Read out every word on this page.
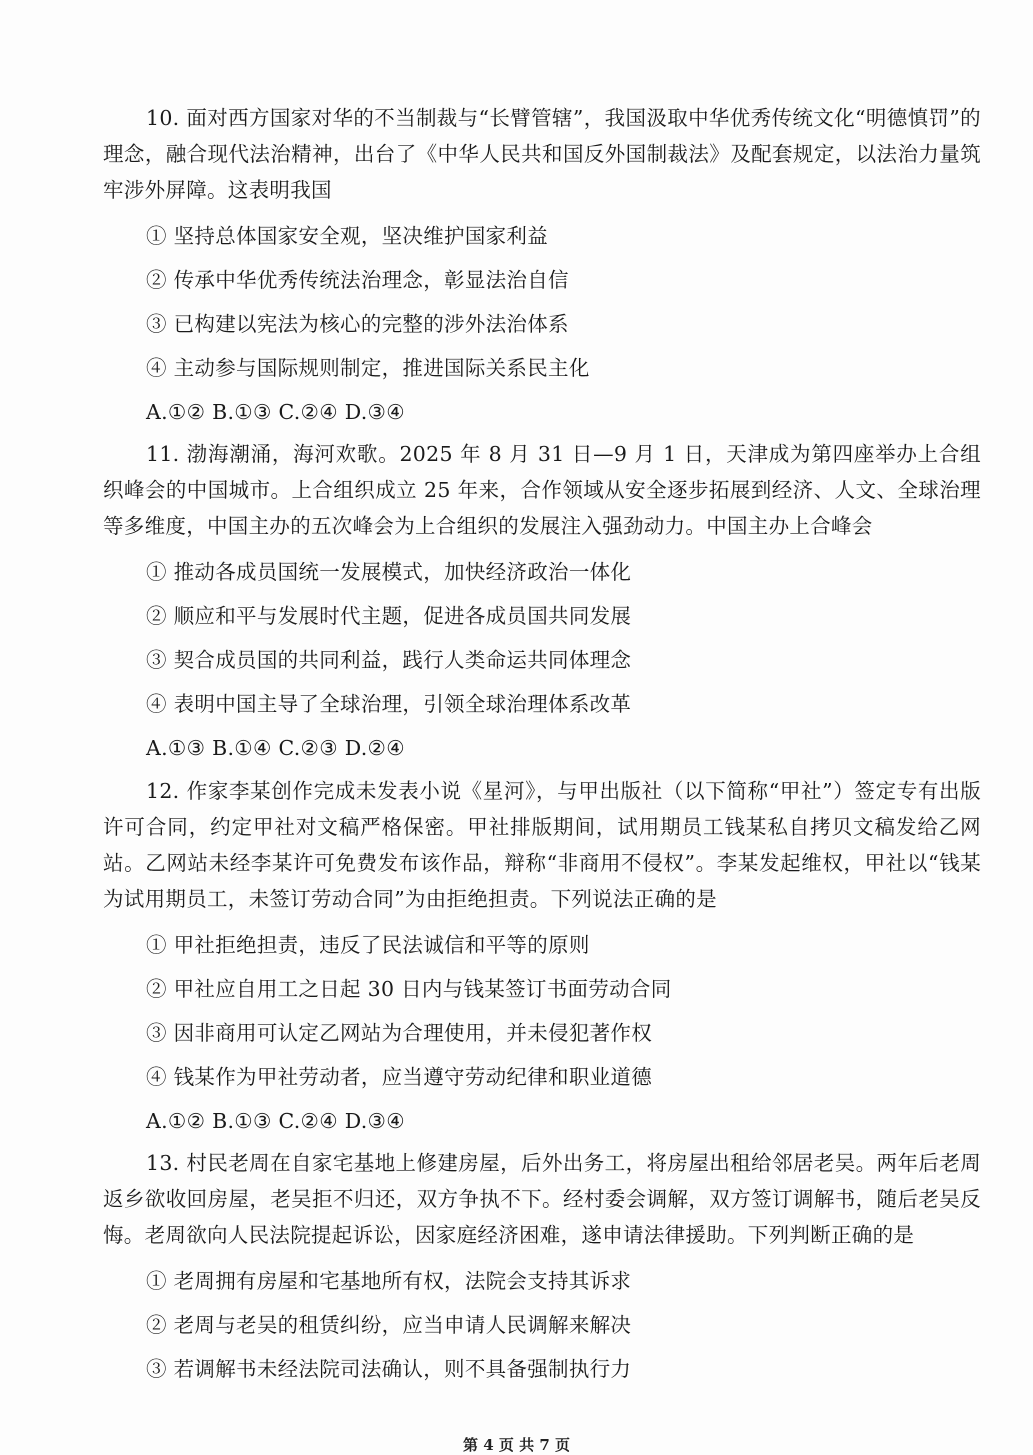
10. 面对西方国家对华的不当制裁与“长臂管辖”，我国汲取中华优秀传统文化“明德慎罚”的理念，融合现代法治精神，出台了《中华人民共和国反外国制裁法》及配套规定，以法治力量筑牢涉外屏障。这表明我国

① 坚持总体国家安全观，坚决维护国家利益

② 传承中华优秀传统法治理念，彰显法治自信

③ 已构建以宪法为核心的完整的涉外法治体系

④ 主动参与国际规则制定，推进国际关系民主化

A.①② B.①③ C.②④ D.③④

11. 渤海潮涌，海河欢歌。2025 年 8 月 31 日—9 月 1 日，天津成为第四座举办上合组织峰会的中国城市。上合组织成立 25 年来，合作领域从安全逐步拓展到经济、人文、全球治理等多维度，中国主办的五次峰会为上合组织的发展注入强劲动力。中国主办上合峰会

① 推动各成员国统一发展模式，加快经济政治一体化

② 顺应和平与发展时代主题，促进各成员国共同发展

③ 契合成员国的共同利益，践行人类命运共同体理念

④ 表明中国主导了全球治理，引领全球治理体系改革

A.①③ B.①④ C.②③ D.②④

12. 作家李某创作完成未发表小说《星河》，与甲出版社（以下简称“甲社”）签定专有出版许可合同，约定甲社对文稿严格保密。甲社排版期间，试用期员工钱某私自拷贝文稿发给乙网站。乙网站未经李某许可免费发布该作品，辩称“非商用不侵权”。李某发起维权，甲社以“钱某为试用期员工，未签订劳动合同”为由拒绝担责。下列说法正确的是

① 甲社拒绝担责，违反了民法诚信和平等的原则

② 甲社应自用工之日起 30 日内与钱某签订书面劳动合同

③ 因非商用可认定乙网站为合理使用，并未侵犯著作权

④ 钱某作为甲社劳动者，应当遵守劳动纪律和职业道德

A.①② B.①③ C.②④ D.③④

13. 村民老周在自家宅基地上修建房屋，后外出务工，将房屋出租给邻居老吴。两年后老周返乡欲收回房屋，老吴拒不归还，双方争执不下。经村委会调解，双方签订调解书，随后老吴反悔。老周欲向人民法院提起诉讼，因家庭经济困难，遂申请法律援助。下列判断正确的是

① 老周拥有房屋和宅基地所有权，法院会支持其诉求

② 老周与老吴的租赁纠纷，应当申请人民调解来解决

③ 若调解书未经法院司法确认，则不具备强制执行力

第 4 页 共 7 页
